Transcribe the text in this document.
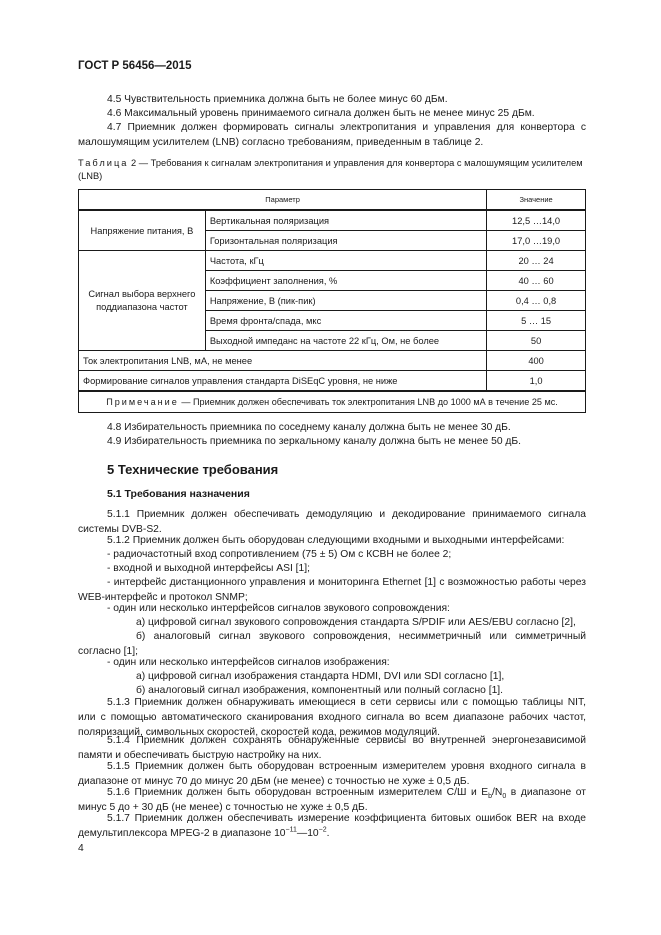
ГОСТ Р 56456—2015

4.5 Чувствительность приемника должна быть не более минус 60 дБм.

4.6 Максимальный уровень принимаемого сигнала должен быть не менее минус 25 дБм.

4.7 Приемник должен формировать сигналы электропитания и управления для конвертора с малошумящим усилителем (LNB) согласно требованиям, приведенным в таблице 2.

Таблица 2 — Требования к сигналам электропитания и управления для конвертора с малошумящим усилителем (LNB)
Параметр		Значение
Напряжение питания, В	Вертикальная поляризация	12,5 …14,0
	Горизонтальная поляризация	17,0 …19,0
Сигнал выбора верхнего поддиапазона частот	Частота, кГц	20 … 24
	Коэффициент заполнения, %	40 … 60
	Напряжение, В (пик-пик)	0,4 … 0,8
	Время фронта/спада, мкс	5 … 15
	Выходной импеданс на частоте 22 кГц, Ом, не более	50
Ток электропитания LNB, мА, не менее		400
Формирование сигналов управления стандарта DiSEqC уровня, не ниже		1,0
Примечание — Приемник должен обеспечивать ток электропитания LNB до 1000 мА в течение 25 мс.		

4.8 Избирательность приемника по соседнему каналу должна быть не менее 30 дБ.

4.9 Избирательность приемника по зеркальному каналу должна быть не менее 50 дБ.

5 Технические требования
5.1 Требования назначения

5.1.1 Приемник должен обеспечивать демодуляцию и декодирование принимаемого сигнала системы DVB-S2.

5.1.2 Приемник должен быть оборудован следующими входными и выходными интерфейсами:

- радиочастотный вход сопротивлением (75 ± 5) Ом с КСВН не более 2;

- входной и выходной интерфейсы ASI [1];

- интерфейс дистанционного управления и мониторинга Ethernet [1] с возможностью работы через WEB-интерфейс и протокол SNMP;

- один или несколько интерфейсов сигналов звукового сопровождения:

а) цифровой сигнал звукового сопровождения стандарта S/PDIF или AES/EBU согласно [2],

б) аналоговый сигнал звукового сопровождения, несимметричный или симметричный согласно [1];

- один или несколько интерфейсов сигналов изображения:

а) цифровой сигнал изображения стандарта HDMI, DVI или SDI согласно [1],

б) аналоговый сигнал изображения, компонентный или полный согласно [1].

5.1.3 Приемник должен обнаруживать имеющиеся в сети сервисы или с помощью таблицы NIT, или с помощью автоматического сканирования входного сигнала во всем диапазоне рабочих частот, поляризаций, символьных скоростей, скоростей кода, режимов модуляций.

5.1.4 Приемник должен сохранять обнаруженные сервисы во внутренней энергонезависимой памяти и обеспечивать быструю настройку на них.

5.1.5 Приемник должен быть оборудован встроенным измерителем уровня входного сигнала в диапазоне от минус 70 до минус 20 дБм (не менее) с точностью не хуже ± 0,5 дБ.

5.1.6 Приемник должен быть оборудован встроенным измерителем С/Ш и $E_b/N_0$ в диапазоне от минус 5 до + 30 дБ (не менее) с точностью не хуже ± 0,5 дБ.

5.1.7 Приемник должен обеспечивать измерение коэффициента битовых ошибок BER на входе демультиплексора MPEG-2 в диапазоне $10^{-11}—10^{-2}$.

4
